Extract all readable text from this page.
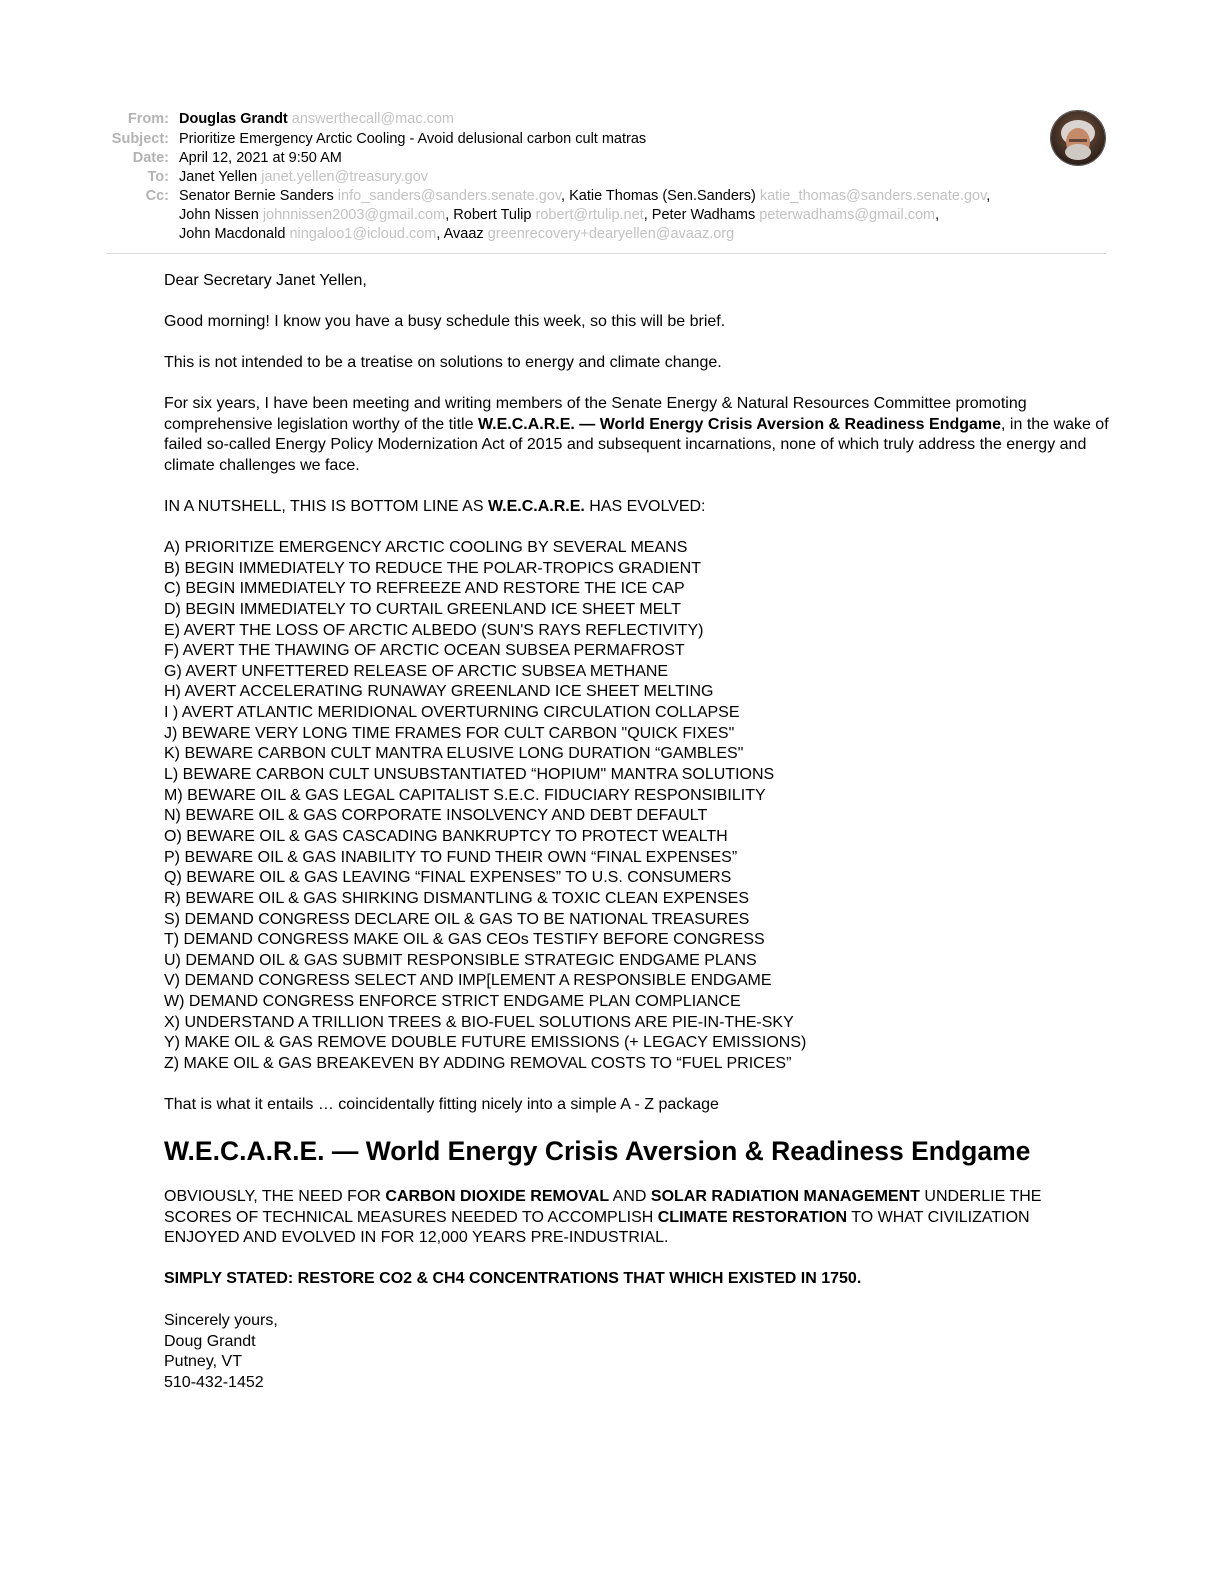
From: Douglas Grandt answerthecall@mac.com
Subject: Prioritize Emergency Arctic Cooling - Avoid delusional carbon cult matras
Date: April 12, 2021 at 9:50 AM
To: Janet Yellen janet.yellen@treasury.gov
Cc: Senator Bernie Sanders info_sanders@sanders.senate.gov, Katie Thomas (Sen.Sanders) katie_thomas@sanders.senate.gov,
John Nissen johnnissen2003@gmail.com, Robert Tulip robert@rtulip.net, Peter Wadhams peterwadhams@gmail.com,
John Macdonald ningaloo1@icloud.com, Avaaz greenrecovery+dearyellen@avaaz.org
Dear Secretary Janet Yellen,
Good morning! I know you have a busy schedule this week, so this will be brief.
This is not intended to be a treatise on solutions to energy and climate change.
For six years, I have been meeting and writing members of the Senate Energy & Natural Resources Committee promoting comprehensive legislation worthy of the title W.E.C.A.R.E. — World Energy Crisis Aversion & Readiness Endgame, in the wake of failed so-called Energy Policy Modernization Act of 2015 and subsequent incarnations, none of which truly address the energy and climate challenges we face.
IN A NUTSHELL, THIS IS BOTTOM LINE AS W.E.C.A.R.E. HAS EVOLVED:
A) PRIORITIZE EMERGENCY ARCTIC COOLING BY SEVERAL MEANS
B) BEGIN IMMEDIATELY TO REDUCE THE POLAR-TROPICS GRADIENT
C) BEGIN IMMEDIATELY TO REFREEZE AND RESTORE THE ICE CAP
D) BEGIN IMMEDIATELY TO CURTAIL GREENLAND ICE SHEET MELT
E) AVERT THE LOSS OF ARCTIC ALBEDO (SUN'S RAYS REFLECTIVITY)
F) AVERT THE THAWING OF ARCTIC OCEAN SUBSEA PERMAFROST
G) AVERT UNFETTERED RELEASE OF ARCTIC SUBSEA METHANE
H) AVERT ACCELERATING RUNAWAY GREENLAND ICE SHEET MELTING
I ) AVERT ATLANTIC MERIDIONAL OVERTURNING CIRCULATION COLLAPSE
J) BEWARE VERY LONG TIME FRAMES FOR CULT CARBON "QUICK FIXES"
K) BEWARE CARBON CULT MANTRA ELUSIVE LONG DURATION “GAMBLES"
L) BEWARE CARBON CULT UNSUBSTANTIATED “HOPIUM" MANTRA SOLUTIONS
M) BEWARE OIL & GAS LEGAL CAPITALIST S.E.C. FIDUCIARY RESPONSIBILITY
N) BEWARE OIL & GAS CORPORATE INSOLVENCY AND DEBT DEFAULT
O) BEWARE OIL & GAS CASCADING BANKRUPTCY TO PROTECT WEALTH
P) BEWARE OIL & GAS INABILITY TO FUND THEIR OWN “FINAL EXPENSES”
Q) BEWARE OIL & GAS LEAVING “FINAL EXPENSES” TO U.S. CONSUMERS
R) BEWARE OIL & GAS SHIRKING DISMANTLING & TOXIC CLEAN EXPENSES
S) DEMAND CONGRESS DECLARE OIL & GAS TO BE NATIONAL TREASURES
T) DEMAND CONGRESS MAKE OIL & GAS CEOs TESTIFY BEFORE CONGRESS
U) DEMAND OIL & GAS SUBMIT RESPONSIBLE STRATEGIC ENDGAME PLANS
V) DEMAND CONGRESS SELECT AND IMP[LEMENT A RESPONSIBLE ENDGAME
W) DEMAND CONGRESS ENFORCE STRICT ENDGAME PLAN COMPLIANCE
X) UNDERSTAND A TRILLION TREES & BIO-FUEL SOLUTIONS ARE PIE-IN-THE-SKY
Y) MAKE OIL & GAS REMOVE DOUBLE FUTURE EMISSIONS (+ LEGACY EMISSIONS)
Z) MAKE OIL & GAS BREAKEVEN BY ADDING REMOVAL COSTS TO “FUEL PRICES”
That is what it entails … coincidentally fitting nicely into a simple A - Z package
W.E.C.A.R.E. — World Energy Crisis Aversion & Readiness Endgame
OBVIOUSLY, THE NEED FOR CARBON DIOXIDE REMOVAL AND SOLAR RADIATION MANAGEMENT UNDERLIE THE SCORES OF TECHNICAL MEASURES NEEDED TO ACCOMPLISH CLIMATE RESTORATION TO WHAT CIVILIZATION ENJOYED AND EVOLVED IN FOR 12,000 YEARS PRE-INDUSTRIAL.
SIMPLY STATED: RESTORE CO2 & CH4 CONCENTRATIONS THAT WHICH EXISTED IN 1750.
Sincerely yours,
Doug Grandt
Putney, VT
510-432-1452
